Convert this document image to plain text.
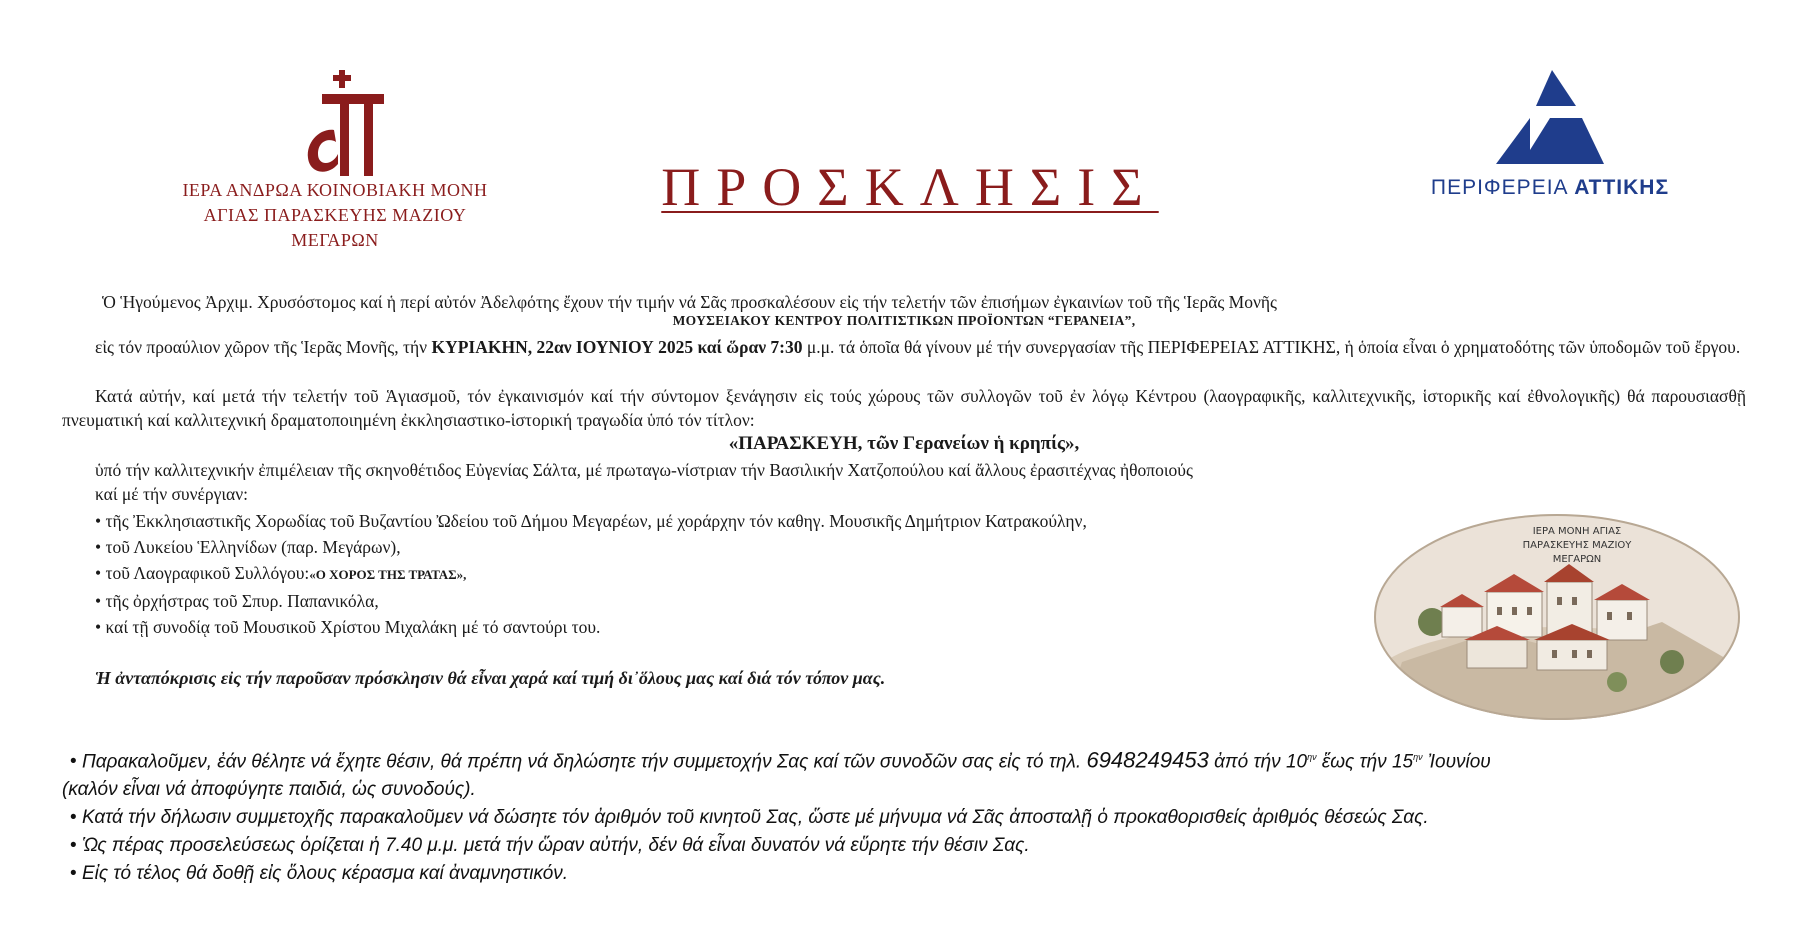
ΙΕΡΑ ΑΝΔΡΩΑ ΚΟΙΝΟΒΙΑΚΗ ΜΟΝΗ
ΑΓΙΑΣ ΠΑΡΑΣΚΕΥΗΣ ΜΑΖΙΟΥ
ΜΕΓΑΡΩΝ
ΠΡΟΣΚΛΗΣΙΣ	ΠΕΡΙΦΕΡΕΙΑ ΑΤΤΙΚΗΣ
Ὁ Ἡγούμενος Ἀρχιμ. Χρυσόστομος καί ἡ περί αὐτόν Ἀδελφότης ἔχουν τήν τιμήν νά Σᾶς προσκαλέσουν εἰς τήν τελετήν τῶν ἐπισήμων ἐγκαινίων τοῦ τῆς Ἱερᾶς Μονῆς
ΜΟΥΣΕΙΑΚΟΥ ΚΕΝΤΡΟΥ ΠΟΛΙΤΙΣΤΙΚΩΝ ΠΡΟΪΟΝΤΩΝ “ΓΕΡΑΝΕΙΑ”,
εἰς τόν προαύλιον χῶρον τῆς Ἱερᾶς Μονῆς, τήν ΚΥΡΙΑΚΗΝ, 22αν ΙΟΥΝΙΟΥ 2025 καί ὥραν 7:30 μ.μ. τά ὁποῖα θά γίνουν μέ τήν συνεργασίαν τῆς ΠΕΡΙΦΕΡΕΙΑΣ ΑΤΤΙΚΗΣ, ἡ ὁποία εἶναι ὁ χρηματοδότης τῶν ὑποδομῶν τοῦ ἔργου.
Κατά αὐτήν, καί μετά τήν τελετήν τοῦ Ἁγιασμοῦ, τόν ἐγκαινισμόν καί τήν σύντομον ξενάγησιν εἰς τούς χώρους τῶν συλλογῶν τοῦ ἐν λόγῳ Κέντρου (λαογραφικῆς, καλλιτεχνικῆς, ἱστορικῆς καί ἐθνολογικῆς) θά παρουσιασθῇ πνευματική καί καλλιτεχνική δραματοποιημένη ἐκκλησιαστικο-ἱστορική τραγωδία ὑπό τόν τίτλον:
«ΠΑΡΑΣΚΕΥΗ, τῶν Γερανείων ἡ κρηπίς»,
ὑπό τήν καλλιτεχνικήν ἐπιμέλειαν τῆς σκηνοθέτιδος Εὐγενίας Σάλτα, μέ πρωταγω-νίστριαν τήν Βασιλικήν Χατζοπούλου καί ἄλλους ἐρασιτέχνας ἠθοποιούς
καί μέ τήν συνέργιαν:
• τῆς Ἐκκλησιαστικῆς Χορωδίας τοῦ Βυζαντίου Ὠδείου τοῦ Δήμου Μεγαρέων, μέ χοράρχην τόν καθηγ. Μουσικῆς Δημήτριον Κατρακούλην,
• τοῦ Λυκείου Ἑλληνίδων (παρ. Μεγάρων),
• τοῦ Λαογραφικοῦ Συλλόγου:«Ο ΧΟΡΟΣ ΤΗΣ ΤΡΑΤΑΣ»,
• τῆς ὀρχήστρας τοῦ Σπυρ. Παπανικόλα,
• καί τῇ συνοδίᾳ τοῦ Μουσικοῦ Χρίστου Μιχαλάκη μέ τό σαντούρι του.
Ἡ ἀνταπόκρισις εἰς τήν παροῦσαν πρόσκλησιν θά εἶναι χαρά καί τιμή δι᾽ὅλους μας καί διά τόν τόπον μας.
ΙΕΡΑ ΜΟΝΗ ΑΓΙΑΣ
ΠΑΡΑΣΚΕΥΗΣ ΜΑΖΙΟΥ
ΜΕΓΑΡΩΝ
• Παρακαλοῦμεν, ἐάν θέλητε νά ἔχητε θέσιν, θά πρέπη νά δηλώσητε τήν συμμετοχήν Σας καί τῶν συνοδῶν σας εἰς τό τηλ. 6948249453 ἀπό τήν $10^{\eta\nu}$ ἕως τήν $15^{\eta\nu}$ Ἰουνίου
(καλόν εἶναι νά ἀποφύγητε παιδιά, ὡς συνοδούς).
• Κατά τήν δήλωσιν συμμετοχῆς παρακαλοῦμεν νά δώσητε τόν ἀριθμόν τοῦ κινητοῦ Σας, ὥστε μέ μήνυμα νά Σᾶς ἀποσταλῇ ὁ προκαθορισθείς ἀριθμός θέσεώς Σας.
• Ὡς πέρας προσελεύσεως ὁρίζεται ἡ 7.40 μ.μ. μετά τήν ὥραν αὐτήν, δέν θά εἶναι δυνατόν νά εὕρητε τήν θέσιν Σας.
• Εἰς τό τέλος θά δοθῇ εἰς ὅλους κέρασμα καί ἀναμνηστικόν.
